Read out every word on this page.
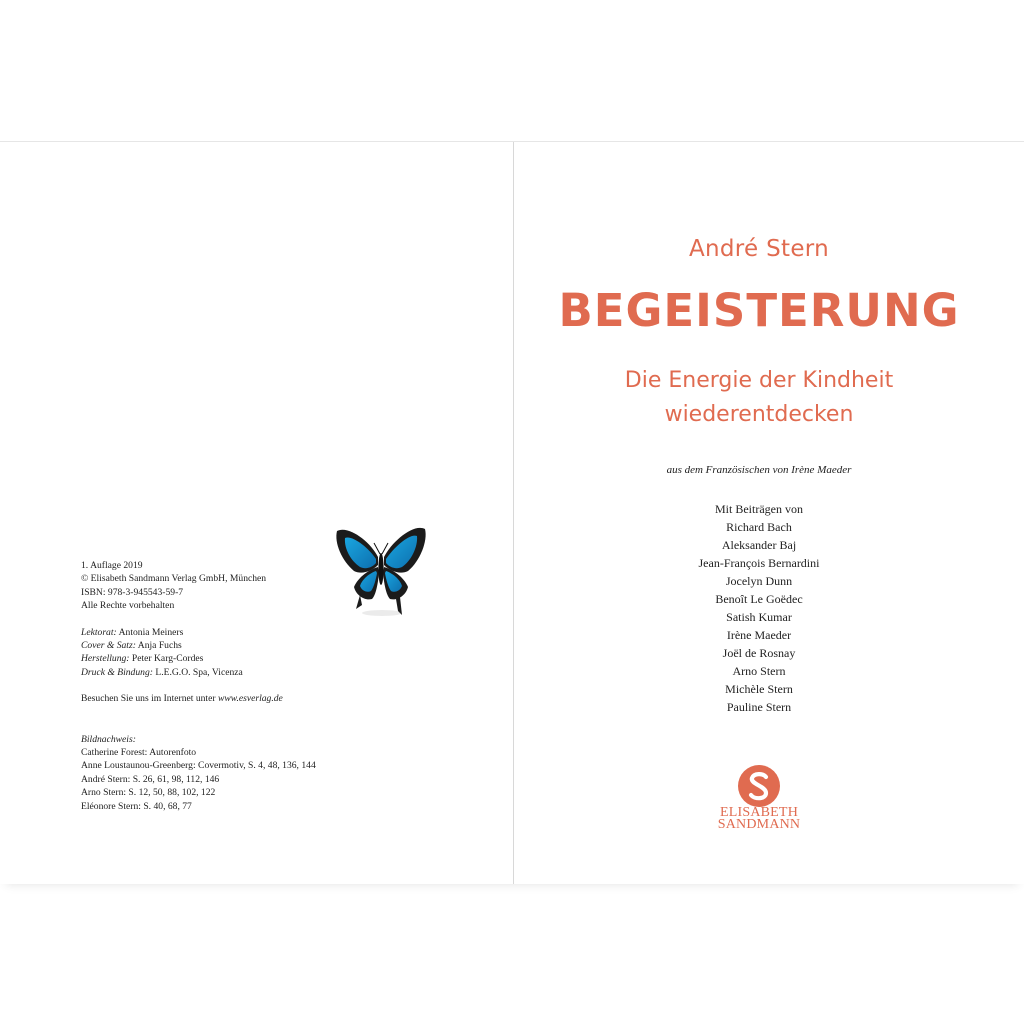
1. Auflage 2019
© Elisabeth Sandmann Verlag GmbH, München
ISBN: 978-3-945543-59-7
Alle Rechte vorbehalten
Lektorat: Antonia Meiners
Cover & Satz: Anja Fuchs
Herstellung: Peter Karg-Cordes
Druck & Bindung: L.E.G.O. Spa, Vicenza
Besuchen Sie uns im Internet unter www.esverlag.de
Bildnachweis:
Catherine Forest: Autorenfoto
Anne Loustaunou-Greenberg: Covermotiv, S. 4, 48, 136, 144
André Stern: S. 26, 61, 98, 112, 146
Arno Stern: S. 12, 50, 88, 102, 122
Eléonore Stern: S. 40, 68, 77
André Stern
BEGEISTERUNG
Die Energie der Kindheit
wiederentdecken
aus dem Französischen von Irène Maeder
Mit Beiträgen von
Richard Bach
Aleksander Baj
Jean-François Bernardini
Jocelyn Dunn
Benoît Le Goëdec
Satish Kumar
Irène Maeder
Joël de Rosnay
Arno Stern
Michèle Stern
Pauline Stern
ELISABETH
SANDMANN
